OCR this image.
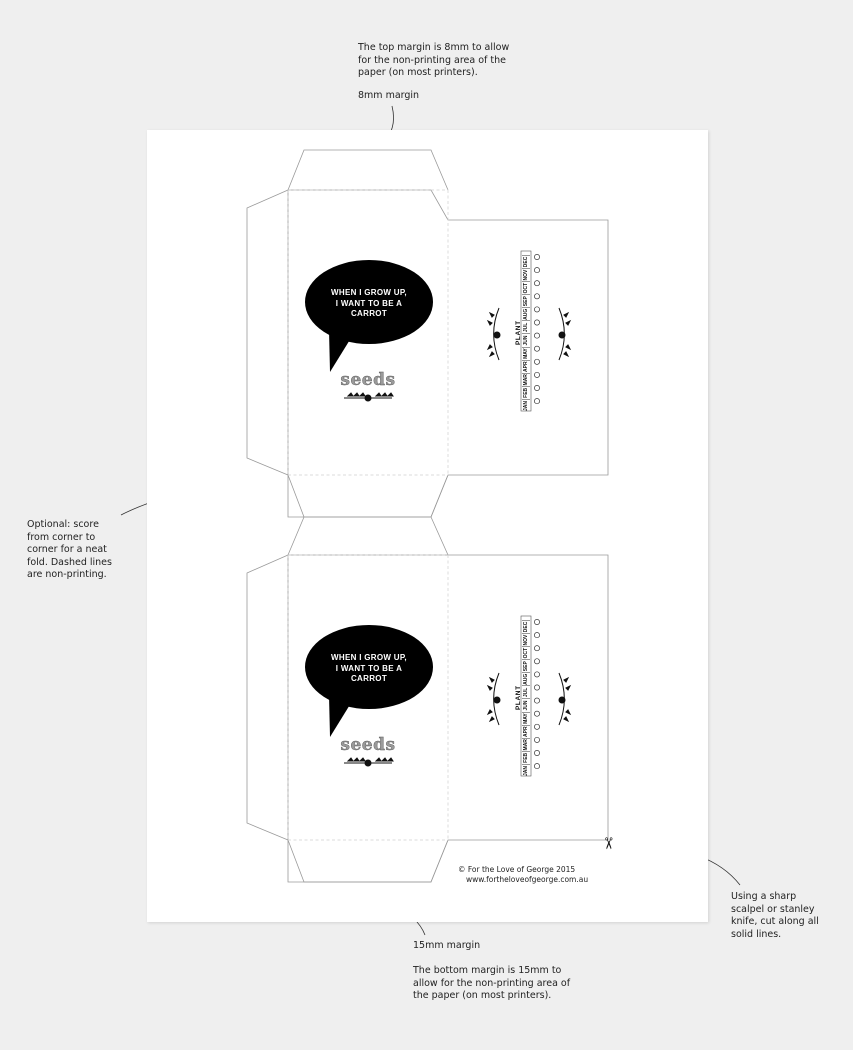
The top margin is 8mm to allow
for the non-printing area of the
paper (on most printers).
8mm margin
Optional: score
from corner to
corner for a neat
fold. Dashed lines
are non-printing.
Using a sharp
scalpel or stanley
knife, cut along all
solid lines.
15mm margin
The bottom margin is 15mm to
allow for the non-printing area of
the paper (on most printers).
WHEN I GROW UP,
I WANT TO BE A
CARROT
seeds
PLANT
JAN
FEB
MAR
APR
MAY
JUN
JUL
AUG
SEP
OCT
NOV
DEC
WHEN I GROW UP,
I WANT TO BE A
CARROT
seeds
PLANT
JAN
FEB
MAR
APR
MAY
JUN
JUL
AUG
SEP
OCT
NOV
DEC
✂
© For the Love of George 2015
www.fortheloveofgeorge.com.au
